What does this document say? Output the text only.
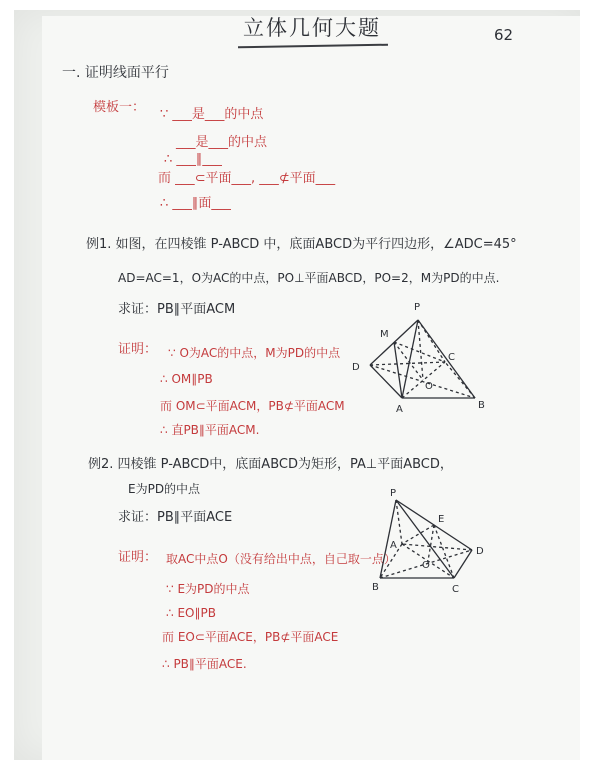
立体几何大题	62
一. 证明线面平行
模板一： ∵ ___是___的中点
___是___的中点
∴ ___∥___
而 ___⊂平面___, ___⊄平面___
∴ ___∥面___
例1. 如图，在四棱锥 P-ABCD 中，底面ABCD为平行四边形，∠ADC=45°
AD=AC=1，O为AC的中点，PO⊥平面ABCD，PO=2，M为PD的中点.
求证：PB∥平面ACM
证明： ∵ O为AC的中点，M为PD的中点
∴ OM∥PB
而 OM⊂平面ACM，PB⊄平面ACM
∴ 直PB∥平面ACM.
P
M
D
C
O
A	B
例2. 四棱锥 P-ABCD中，底面ABCD为矩形，PA⊥平面ABCD，
E为PD的中点
求证：PB∥平面ACE
证明： 取AC中点O（没有给出中点，自己取一点）
∵ E为PD的中点
∴ EO∥PB
而 EO⊂平面ACE，PB⊄平面ACE
∴ PB∥平面ACE.
P
E
A
O
D
B	C
